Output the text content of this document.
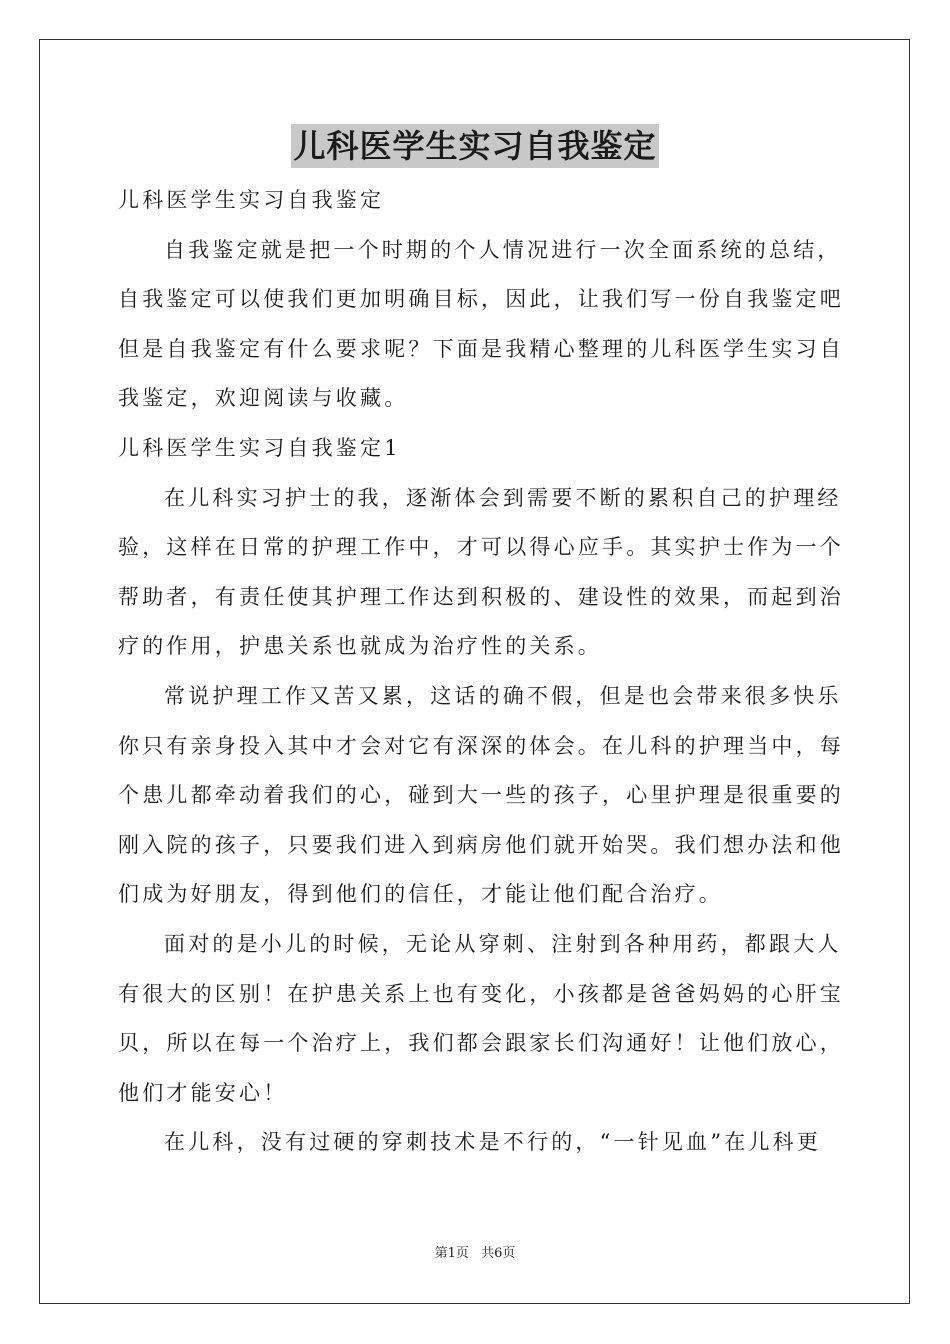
儿科医学生实习自我鉴定
儿科医学生实习自我鉴定
自我鉴定就是把一个时期的个人情况进行一次全面系统的总结，
自我鉴定可以使我们更加明确目标，因此，让我们写一份自我鉴定吧
但是自我鉴定有什么要求呢？下面是我精心整理的儿科医学生实习自
我鉴定，欢迎阅读与收藏。
儿科医学生实习自我鉴定1
在儿科实习护士的我，逐渐体会到需要不断的累积自己的护理经
验，这样在日常的护理工作中，才可以得心应手。其实护士作为一个
帮助者，有责任使其护理工作达到积极的、建设性的效果，而起到治
疗的作用，护患关系也就成为治疗性的关系。
常说护理工作又苦又累，这话的确不假，但是也会带来很多快乐
你只有亲身投入其中才会对它有深深的体会。在儿科的护理当中，每
个患儿都牵动着我们的心，碰到大一些的孩子，心里护理是很重要的
刚入院的孩子，只要我们进入到病房他们就开始哭。我们想办法和他
们成为好朋友，得到他们的信任，才能让他们配合治疗。
面对的是小儿的时候，无论从穿刺、注射到各种用药，都跟大人
有很大的区别！在护患关系上也有变化，小孩都是爸爸妈妈的心肝宝
贝，所以在每一个治疗上，我们都会跟家长们沟通好！让他们放心，
他们才能安心！
在儿科，没有过硬的穿刺技术是不行的，“一针见血”在儿科更
第1页 共6页
